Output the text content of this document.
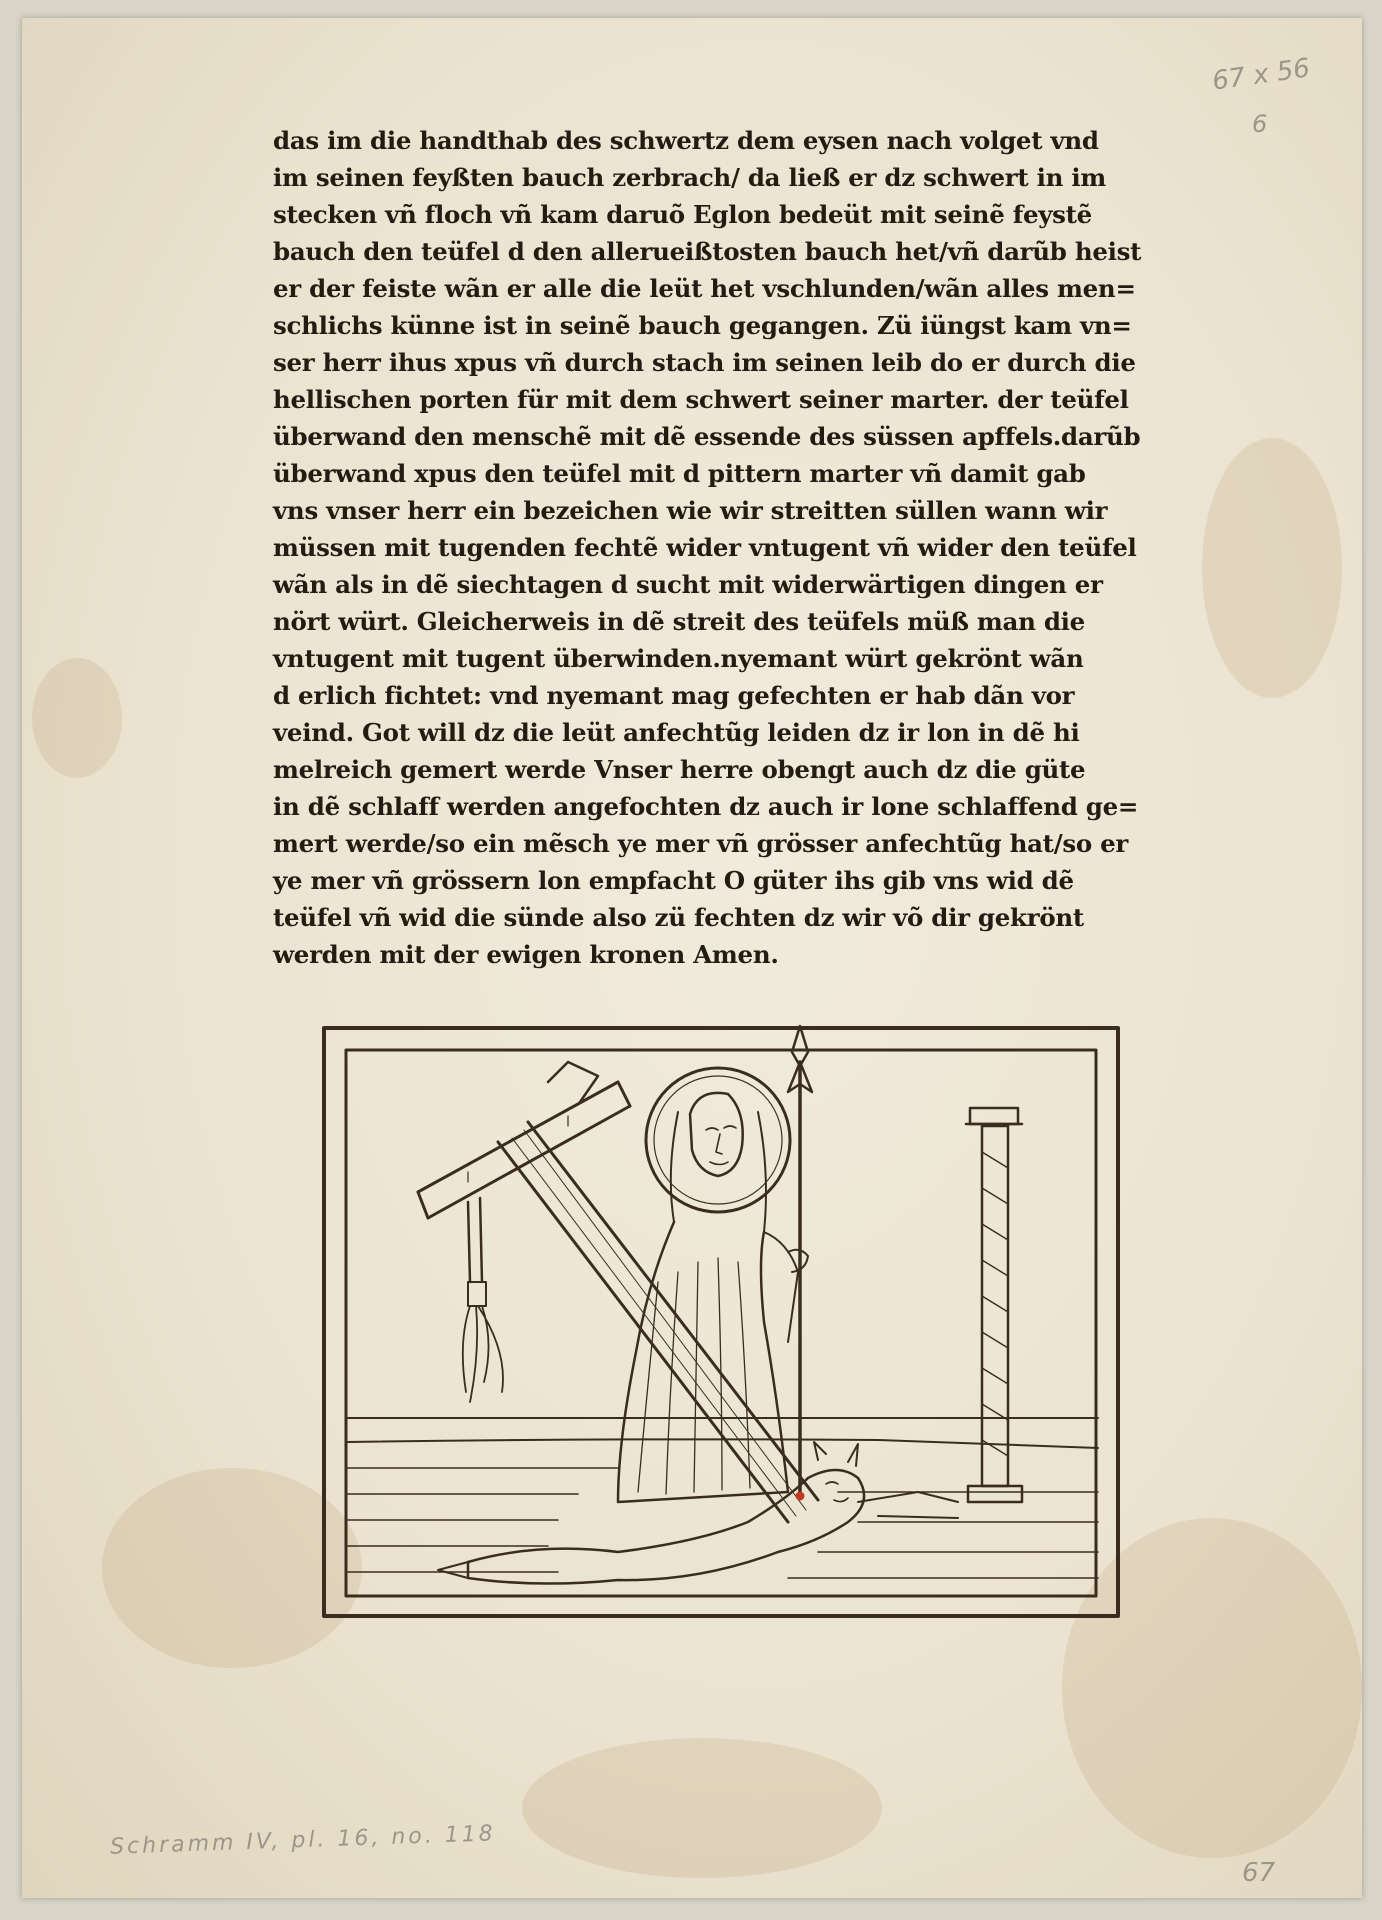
67 x 56
6
Schramm IV, pl. 16, no. 118
67
das im die handthab des schwertz dem eysen nach volget vnd
im seinen feyßten bauch zerbrach/ da ließ er dz schwert in im
stecken vñ floch vñ kam daruõ Eglon bedeüt mit seinẽ feystẽ
bauch den teüfel d den allerueißtosten bauch het/vñ darũb heist
er der feiste wãn er alle die leüt het vschlunden/wãn alles men=
schlichs künne ist in seinẽ bauch gegangen. Zü iüngst kam vn=
ser herr ihus xpus vñ durch stach im seinen leib do er durch die
hellischen porten für mit dem schwert seiner marter. der teüfel
überwand den menschẽ mit dẽ essende des süssen apffels.darũb
überwand xpus den teüfel mit d pittern marter vñ damit gab
vns vnser herr ein bezeichen wie wir streitten süllen wann wir
müssen mit tugenden fechtẽ wider vntugent vñ wider den teüfel
wãn als in dẽ siechtagen d sucht mit widerwärtigen dingen er
nört würt. Gleicherweis in dẽ streit des teüfels müß man die
vntugent mit tugent überwinden.nyemant würt gekrönt wãn
d erlich fichtet: vnd nyemant mag gefechten er hab dãn vor
veind. Got will dz die leüt anfechtũg leiden dz ir lon in dẽ hi
melreich gemert werde Vnser herre obengt auch dz die güte
in dẽ schlaff werden angefochten dz auch ir lone schlaffend ge=
mert werde/so ein mẽsch ye mer vñ grösser anfechtũg hat/so er
ye mer vñ grössern lon empfacht O güter ihs gib vns wid dẽ
teüfel vñ wid die sünde also zü fechten dz wir võ dir gekrönt
werden mit der ewigen kronen Amen.
